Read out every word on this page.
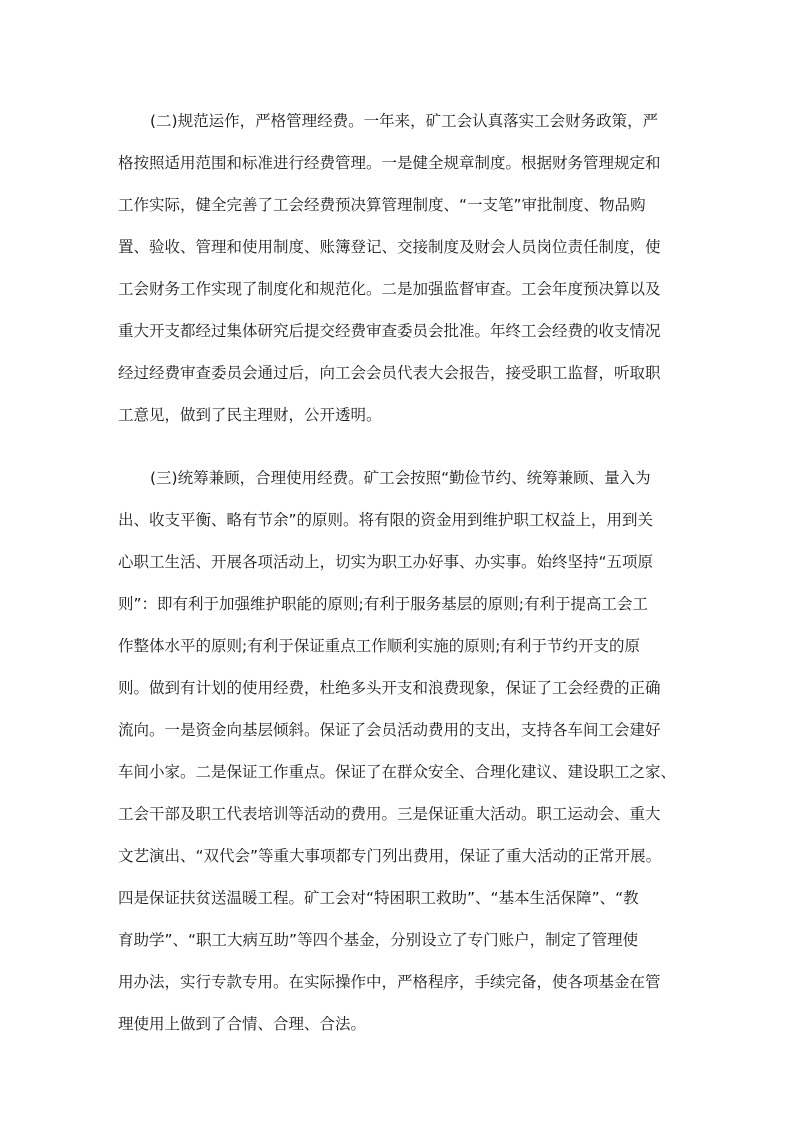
(二)规范运作，严格管理经费。一年来，矿工会认真落实工会财务政策，严
格按照适用范围和标准进行经费管理。一是健全规章制度。根据财务管理规定和
工作实际，健全完善了工会经费预决算管理制度、“一支笔”审批制度、物品购
置、验收、管理和使用制度、账簿登记、交接制度及财会人员岗位责任制度，使
工会财务工作实现了制度化和规范化。二是加强监督审查。工会年度预决算以及
重大开支都经过集体研究后提交经费审查委员会批准。年终工会经费的收支情况
经过经费审查委员会通过后，向工会会员代表大会报告，接受职工监督，听取职
工意见，做到了民主理财，公开透明。
(三)统筹兼顾，合理使用经费。矿工会按照“勤俭节约、统筹兼顾、量入为
出、收支平衡、略有节余”的原则。将有限的资金用到维护职工权益上，用到关
心职工生活、开展各项活动上，切实为职工办好事、办实事。始终坚持“五项原
则”：即有利于加强维护职能的原则;有利于服务基层的原则;有利于提高工会工
作整体水平的原则;有利于保证重点工作顺利实施的原则;有利于节约开支的原
则。做到有计划的使用经费，杜绝多头开支和浪费现象，保证了工会经费的正确
流向。一是资金向基层倾斜。保证了会员活动费用的支出，支持各车间工会建好
车间小家。二是保证工作重点。保证了在群众安全、合理化建议、建设职工之家、
工会干部及职工代表培训等活动的费用。三是保证重大活动。职工运动会、重大
文艺演出、“双代会”等重大事项都专门列出费用，保证了重大活动的正常开展。
四是保证扶贫送温暖工程。矿工会对“特困职工救助”、“基本生活保障”、“教
育助学”、“职工大病互助”等四个基金，分别设立了专门账户，制定了管理使
用办法，实行专款专用。在实际操作中，严格程序，手续完备，使各项基金在管
理使用上做到了合情、合理、合法。
